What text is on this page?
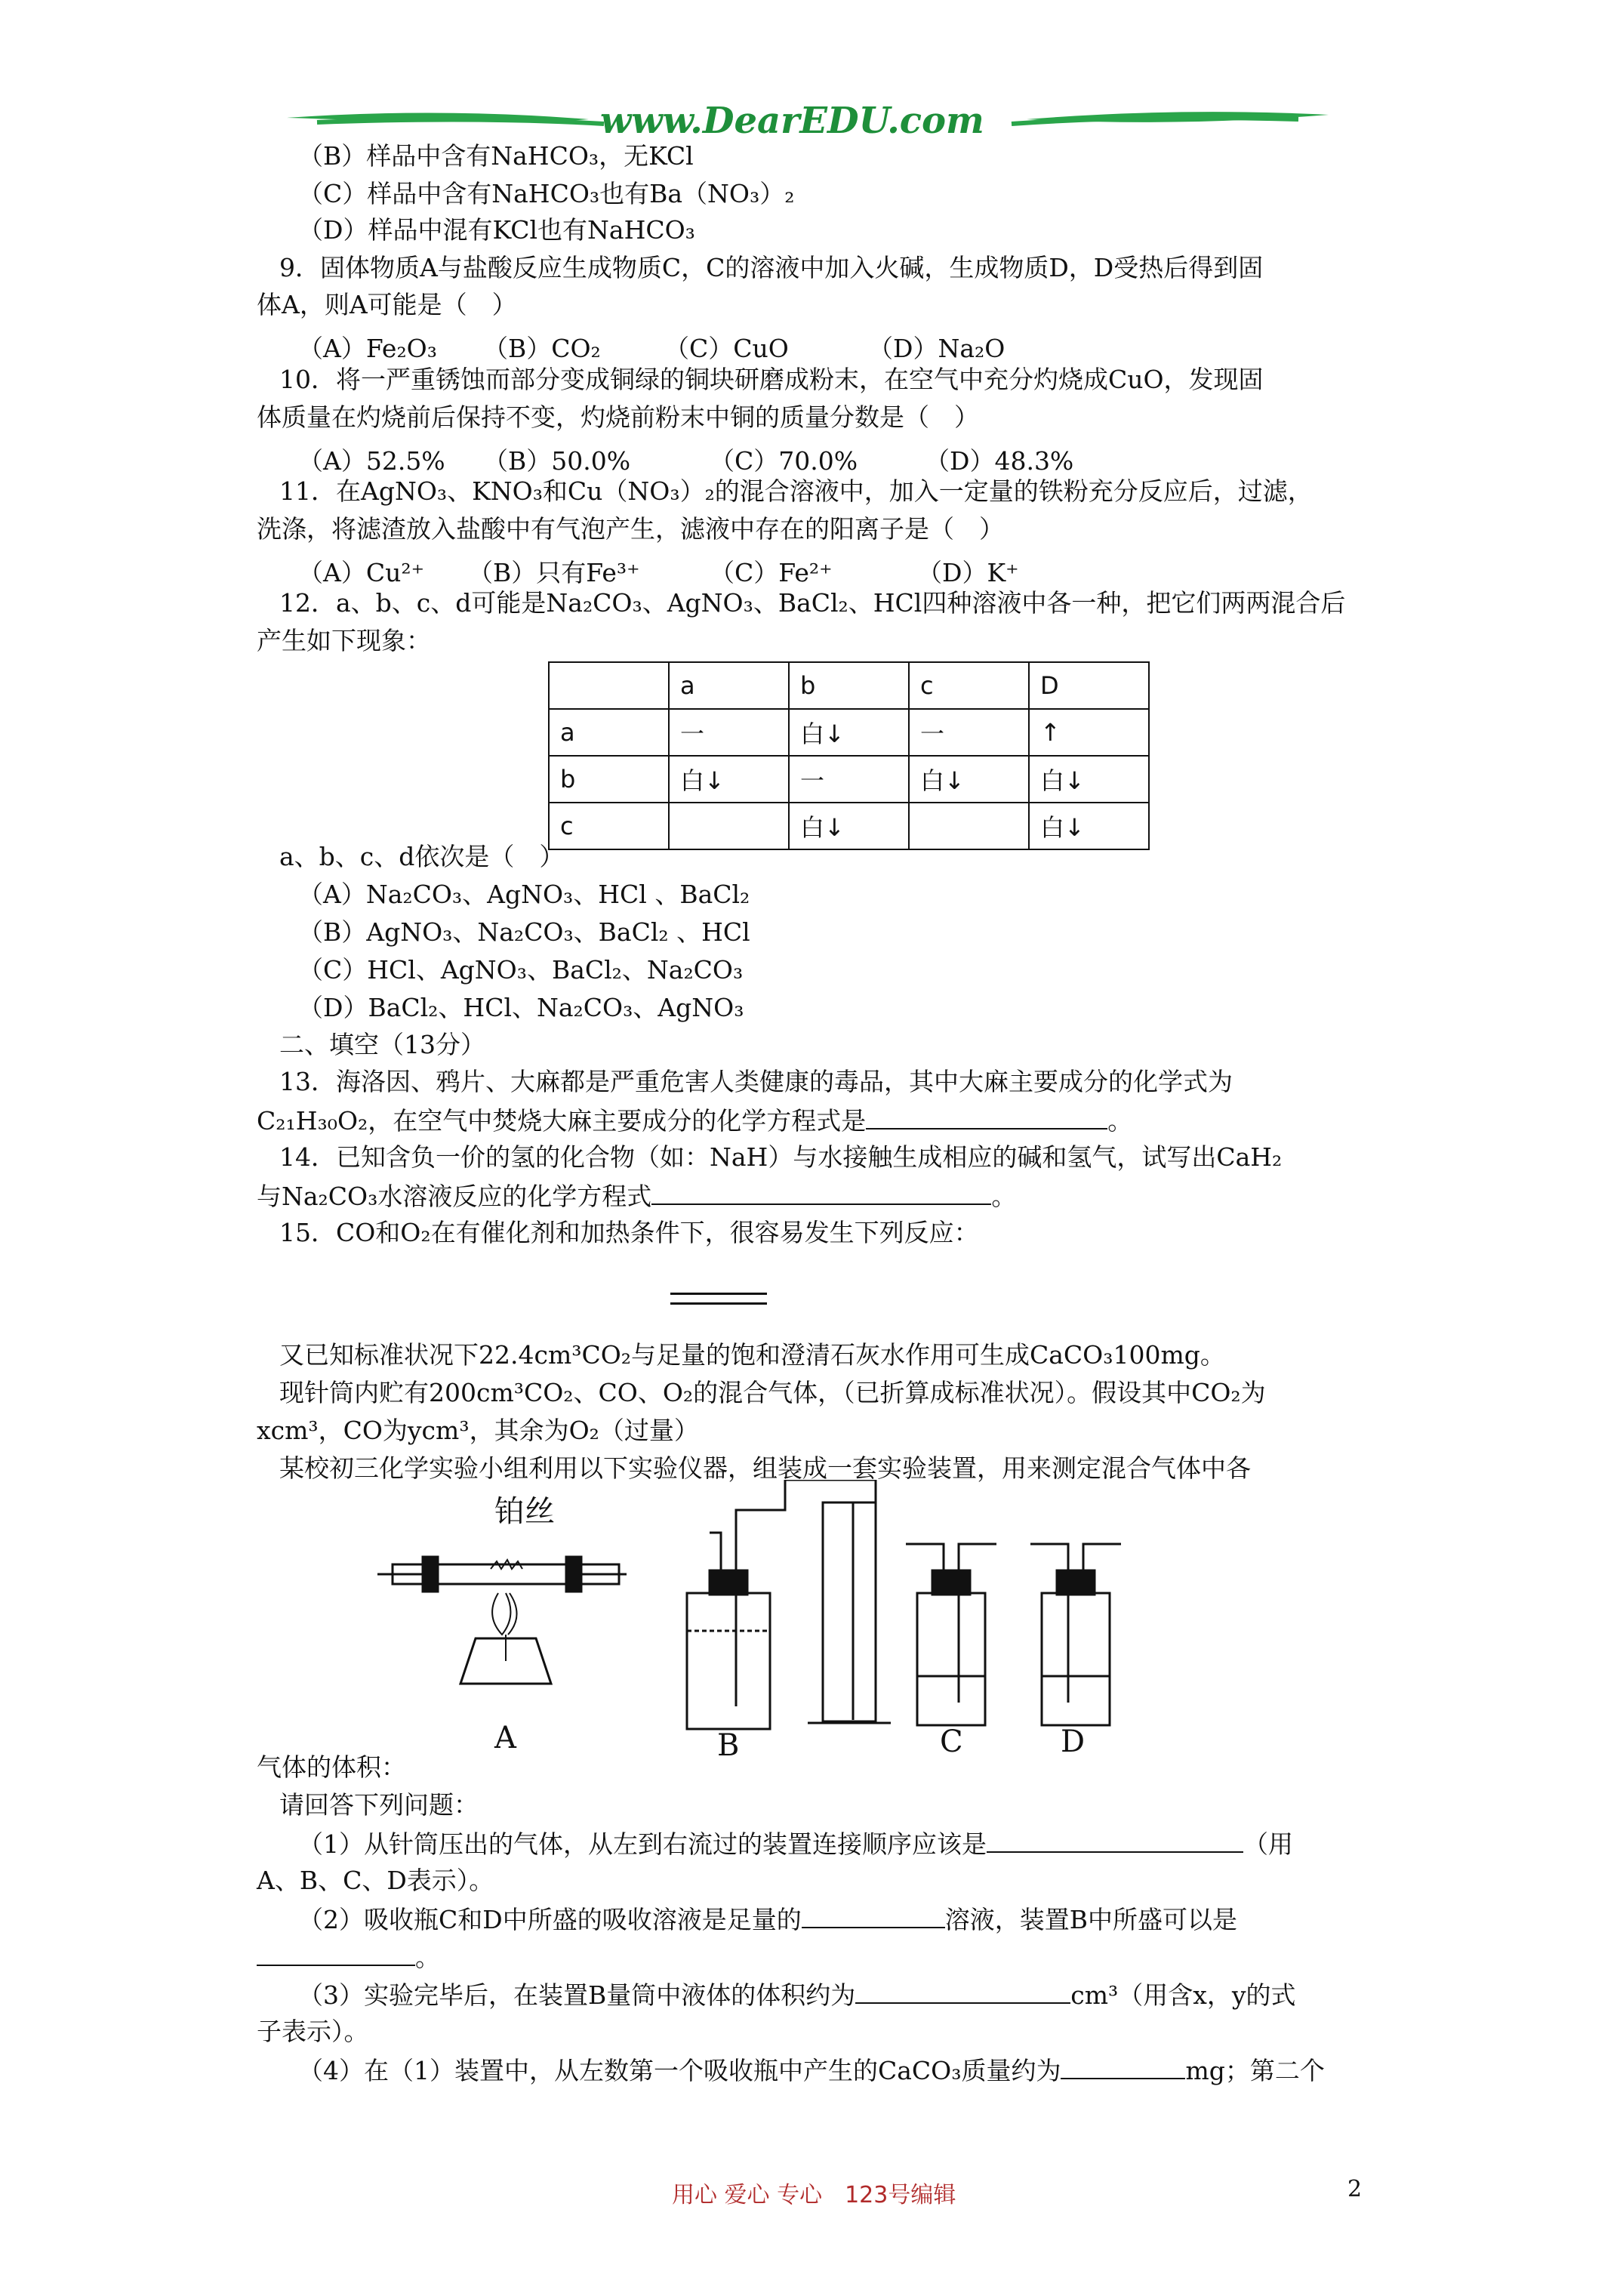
www.DearEDU.com
（B）样品中含有NaHCO₃，无KCl
（C）样品中含有NaHCO₃也有Ba（NO₃）₂
（D）样品中混有KCl也有NaHCO₃
9．固体物质A与盐酸反应生成物质C，C的溶液中加入火碱，生成物质D，D受热后得到固
体A，则A可能是（　）
（A）Fe₂O₃ （B）CO₂	（C）CuO	（D）Na₂O
10．将一严重锈蚀而部分变成铜绿的铜块研磨成粉末，在空气中充分灼烧成CuO，发现固
体质量在灼烧前后保持不变，灼烧前粉末中铜的质量分数是（　）
（A）52.5% （B）50.0%	（C）70.0%	（D）48.3%
11．在AgNO₃、KNO₃和Cu（NO₃）₂的混合溶液中，加入一定量的铁粉充分反应后，过滤，
洗涤，将滤渣放入盐酸中有气泡产生，滤液中存在的阳离子是（　）
（A）Cu²⁺ （B）只有Fe³⁺	（C）Fe²⁺	（D）K⁺
12．a、b、c、d可能是Na₂CO₃、AgNO₃、BaCl₂、HCl四种溶液中各一种，把它们两两混合后
产生如下现象：
	a	b	c	D
a	一	白↓	一	↑
b	白↓	一	白↓	白↓
c		白↓		白↓
a、b、c、d依次是（　）
（A）Na₂CO₃、AgNO₃、HCl 、BaCl₂
（B）AgNO₃、Na₂CO₃、BaCl₂ 、HCl
（C）HCl、AgNO₃、BaCl₂、Na₂CO₃
（D）BaCl₂、HCl、Na₂CO₃、AgNO₃
二、填空（13分）
13．海洛因、鸦片、大麻都是严重危害人类健康的毒品，其中大麻主要成分的化学式为
C₂₁H₃₀O₂，在空气中焚烧大麻主要成分的化学方程式是	。
14．已知含负一价的氢的化合物（如：NaH）与水接触生成相应的碱和氢气，试写出CaH₂
与Na₂CO₃水溶液反应的化学方程式	。
15．CO和O₂在有催化剂和加热条件下，很容易发生下列反应：
又已知标准状况下22.4cm³CO₂与足量的饱和澄清石灰水作用可生成CaCO₃100mg。
现针筒内贮有200cm³CO₂、CO、O₂的混合气体，（已折算成标准状况）。假设其中CO₂为
xcm³，CO为ycm³，其余为O₂（过量）
某校初三化学实验小组利用以下实验仪器，组装成一套实验装置，用来测定混合气体中各
铂丝
A	B	C	D
气体的体积：
请回答下列问题：
（1）从针筒压出的气体，从左到右流过的装置连接顺序应该是	（用
A、B、C、D表示）。
（2）吸收瓶C和D中所盛的吸收溶液是足量的	溶液，装置B中所盛可以是
。
（3）实验完毕后，在装置B量筒中液体的体积约为	cm³（用含x，y的式
子表示）。
（4）在（1）装置中，从左数第一个吸收瓶中产生的CaCO₃质量约为	mg；第二个
用心 爱心 专心　123号编辑	2
